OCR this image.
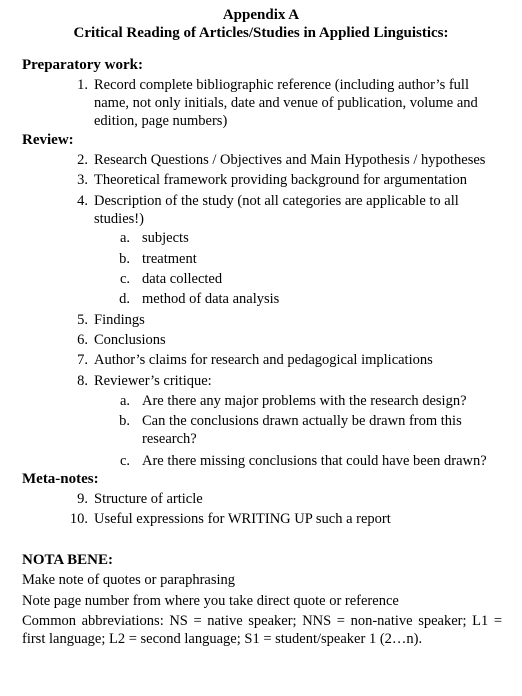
Appendix A
Critical Reading of Articles/Studies in Applied Linguistics:
Preparatory work:
1. Record complete bibliographic reference (including author’s full name, not only initials, date and venue of publication, volume and edition, page numbers)
Review:
2. Research Questions / Objectives and Main Hypothesis / hypotheses
3. Theoretical framework providing background for argumentation
4. Description of the study (not all categories are applicable to all studies!)
a. subjects
b. treatment
c. data collected
d. method of data analysis
5. Findings
6. Conclusions
7. Author’s claims for research and pedagogical implications
8. Reviewer’s critique:
a. Are there any major problems with the research design?
b. Can the conclusions drawn actually be drawn from this research?
c. Are there missing conclusions that could have been drawn?
Meta-notes:
9. Structure of article
10. Useful expressions for WRITING UP such a report
NOTA BENE:
Make note of quotes or paraphrasing
Note page number from where you take direct quote or reference
Common abbreviations: NS = native speaker; NNS = non-native speaker; L1 = first language; L2 = second language; S1 = student/speaker 1 (2…n).
